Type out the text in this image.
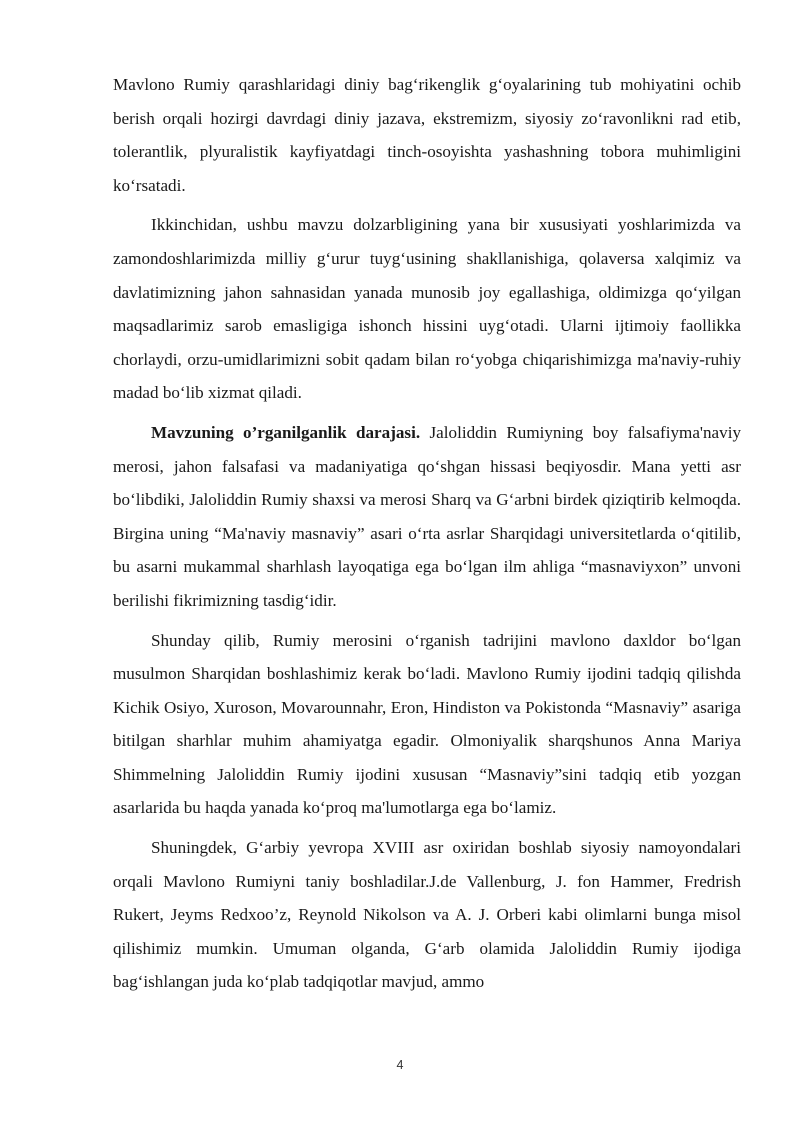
Mavlono Rumiy qarashlaridagi diniy bag‘rikenglik g‘oyalarining tub mohiyatini ochib berish orqali hozirgi davrdagi diniy jazava, ekstremizm, siyosiy zo‘ravonlikni rad etib, tolerantlik, plyuralistik kayfiyatdagi tinch-osoyishta yashashning tobora muhimligini ko‘rsatadi.

Ikkinchidan, ushbu mavzu dolzarbligining yana bir xususiyati yoshlarimizda va zamondoshlarimizda milliy g‘urur tuyg‘usining shakllanishiga, qolaversa xalqimiz va davlatimizning jahon sahnasidan yanada munosib joy egallashiga, oldimizga qo‘yilgan maqsadlarimiz sarob emasligiga ishonch hissini uyg‘otadi. Ularni ijtimoiy faollikka chorlaydi, orzu-umidlarimizni sobit qadam bilan ro‘yobga chiqarishimizga ma'naviy-ruhiy madad bo‘lib xizmat qiladi.

Mavzuning o’rganilganlik darajasi. Jaloliddin Rumiyning boy falsafiyma'naviy merosi, jahon falsafasi va madaniyatiga qo‘shgan hissasi beqiyosdir. Mana yetti asr bo‘libdiki, Jaloliddin Rumiy shaxsi va merosi Sharq va G‘arbni birdek qiziqtirib kelmoqda. Birgina uning “Ma'naviy masnaviy” asari o‘rta asrlar Sharqidagi universitetlarda o‘qitilib, bu asarni mukammal sharhlash layoqatiga ega bo‘lgan ilm ahliga “masnaviyxon” unvoni berilishi fikrimizning tasdig‘idir.

Shunday qilib, Rumiy merosini o‘rganish tadrijini mavlono daxldor bo‘lgan musulmon Sharqidan boshlashimiz kerak bo‘ladi. Mavlono Rumiy ijodini tadqiq qilishda Kichik Osiyo, Xuroson, Movarounnahr, Eron, Hindiston va Pokistonda “Masnaviy” asariga bitilgan sharhlar muhim ahamiyatga egadir. Olmoniyalik sharqshunos Anna Mariya Shimmelning Jaloliddin Rumiy ijodini xususan “Masnaviy”sini tadqiq etib yozgan asarlarida bu haqda yanada ko‘proq ma'lumotlarga ega bo‘lamiz.

Shuningdek, G‘arbiy yevropa XVIII asr oxiridan boshlab siyosiy namoyondalari orqali Mavlono Rumiyni taniy boshladilar.J.de Vallenburg, J. fon Hammer, Fredrish Rukert, Jeyms Redxoo’z, Reynold Nikolson va A. J. Orberi kabi olimlarni bunga misol qilishimiz mumkin. Umuman olganda, G‘arb olamida Jaloliddin Rumiy ijodiga bag‘ishlangan juda ko‘plab tadqiqotlar mavjud, ammo

4
